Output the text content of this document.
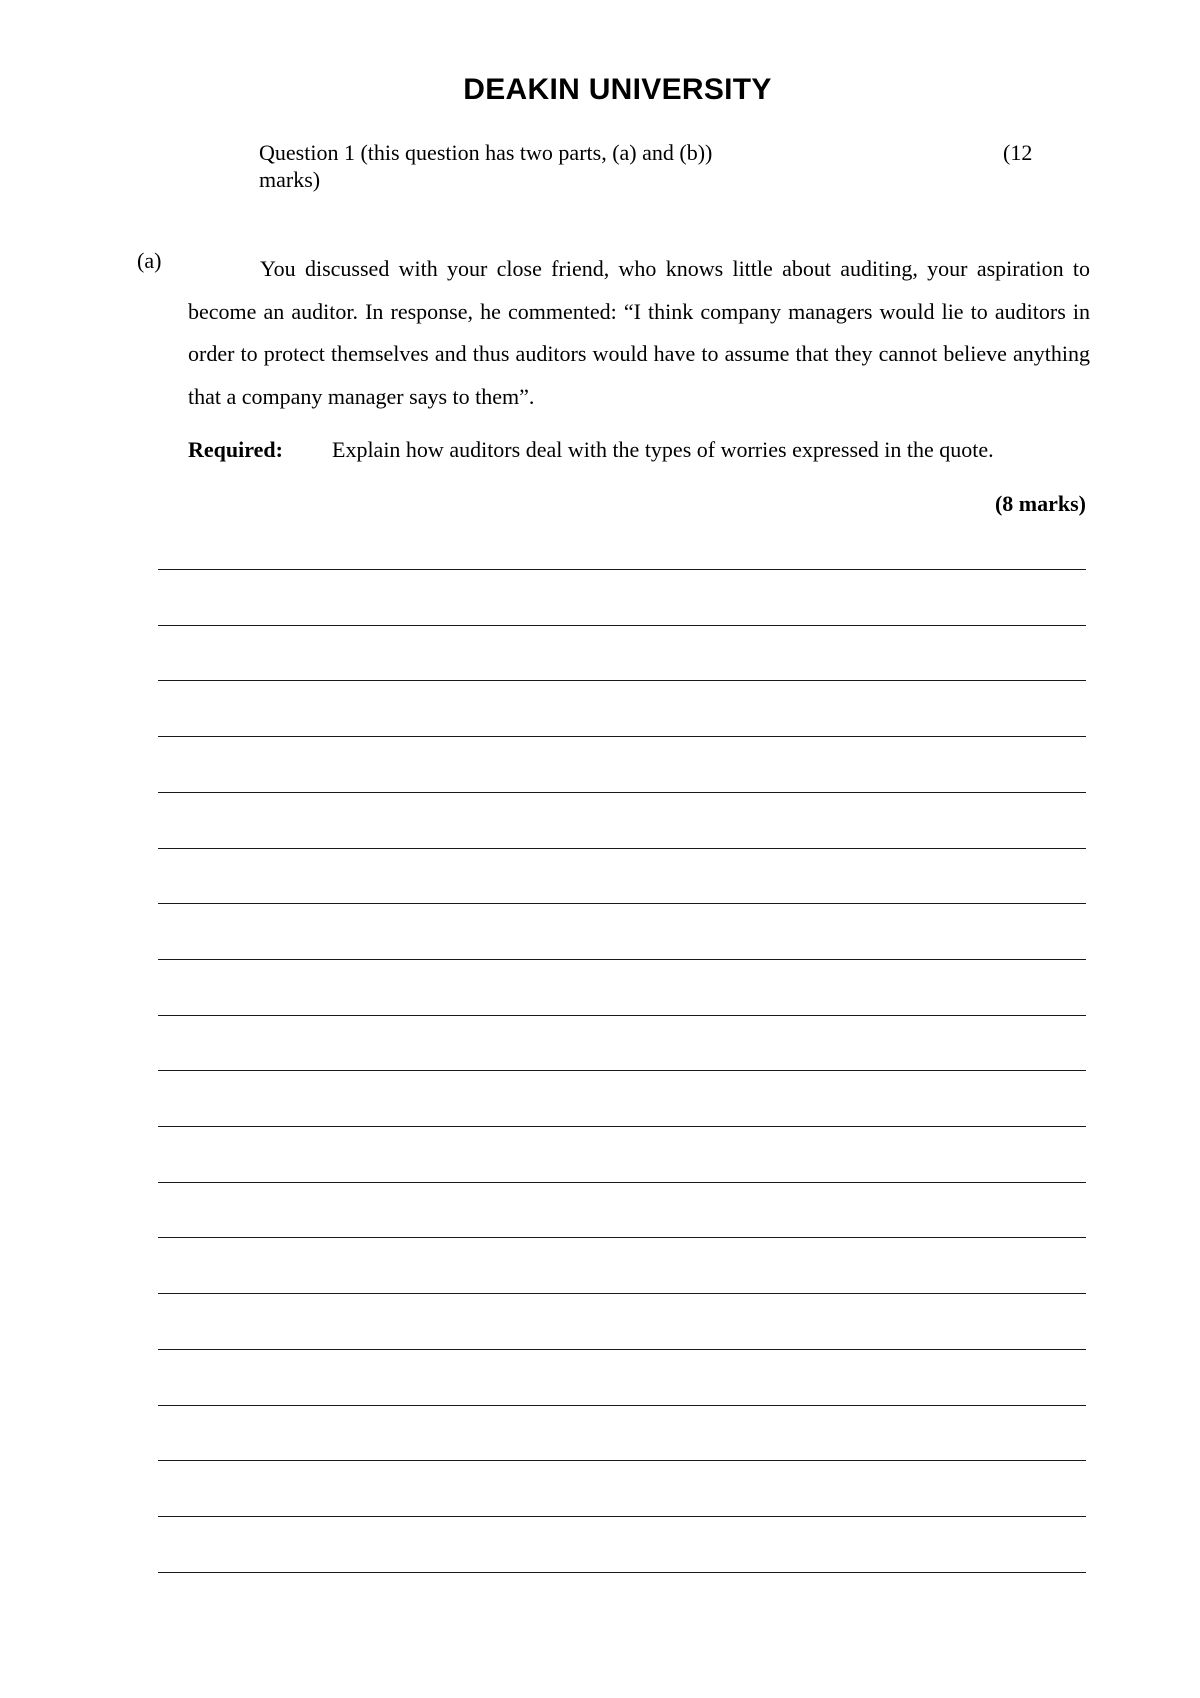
DEAKIN UNIVERSITY
Question 1 (this question has two parts, (a) and (b))	(12
marks)
(a)	You discussed with your close friend, who knows little about auditing, your aspiration to become an auditor. In response, he commented: “I think company managers would lie to auditors in order to protect themselves and thus auditors would have to assume that they cannot believe anything that a company manager says to them”.

Required: Explain how auditors deal with the types of worries expressed in the quote.
(8 marks)
